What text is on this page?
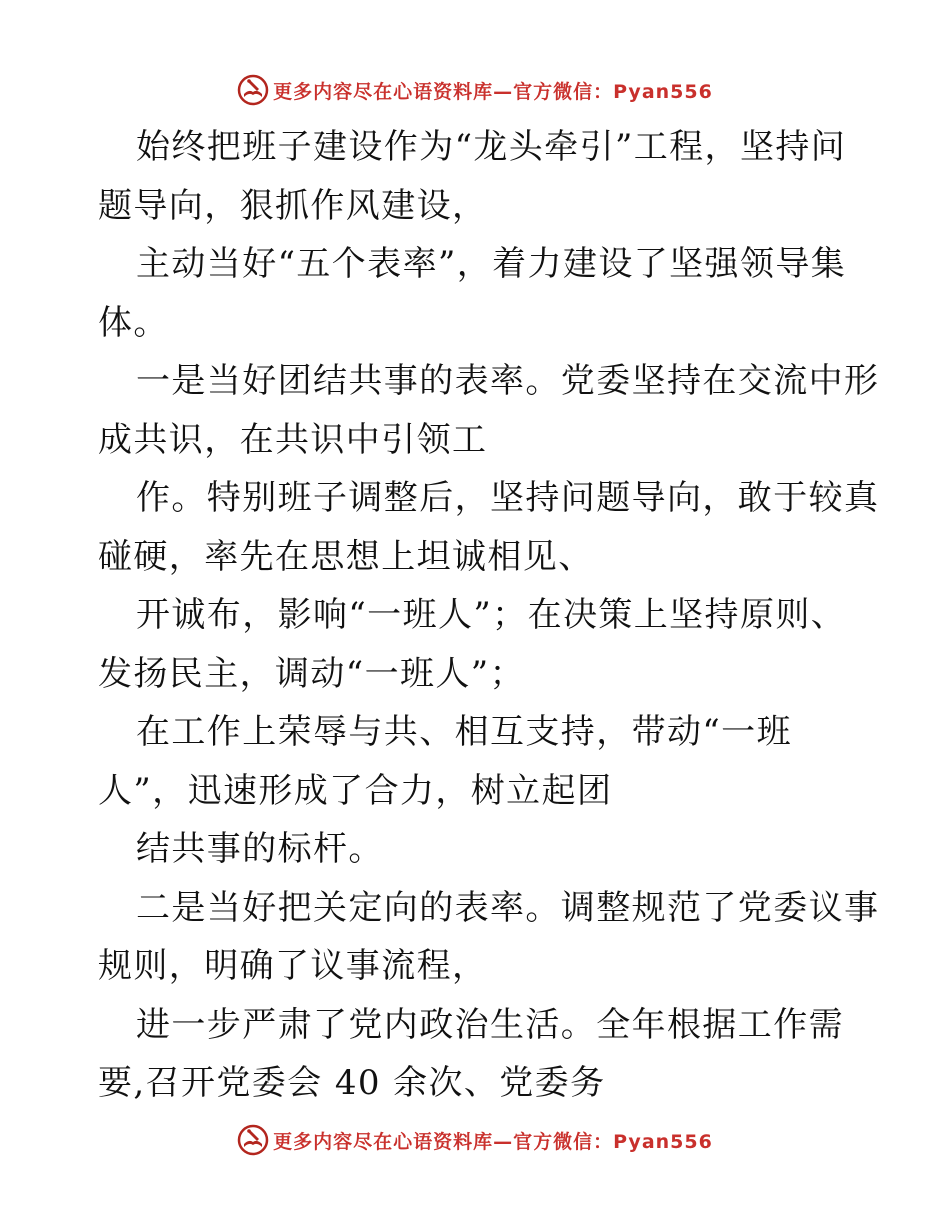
更多内容尽在心语资料库—官方微信：Pyan556
始终把班子建设作为“龙头牵引”工程，坚持问
题导向，狠抓作风建设，
主动当好“五个表率”，着力建设了坚强领导集
体。
一是当好团结共事的表率。党委坚持在交流中形
成共识，在共识中引领工
作。特别班子调整后，坚持问题导向，敢于较真
碰硬，率先在思想上坦诚相见、
开诚布，影响“一班人”；在决策上坚持原则、
发扬民主，调动“一班人”；
在工作上荣辱与共、相互支持，带动“一班
人”，迅速形成了合力，树立起团
结共事的标杆。
二是当好把关定向的表率。调整规范了党委议事
规则，明确了议事流程，
进一步严肃了党内政治生活。全年根据工作需
要,召开党委会 40 余次、党委务
更多内容尽在心语资料库—官方微信：Pyan556
